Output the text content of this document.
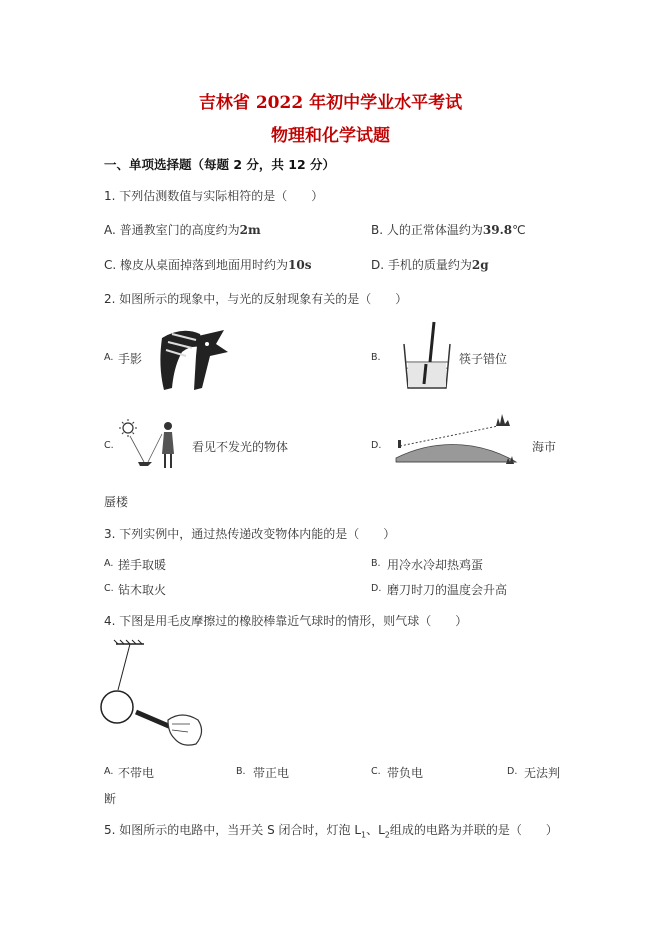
吉林省 2022 年初中学业水平考试
物理和化学试题
一、单项选择题（每题 2 分，共 12 分）
1. 下列估测数值与实际相符的是（　　）
A. 普通教室门的高度约为2m	B. 人的正常体温约为39.8℃
C. 橡皮从桌面掉落到地面用时约为10s	D. 手机的质量约为2g
2. 如图所示的现象中，与光的反射现象有关的是（　　）
A. 手影	B.	筷子错位
C.	看见不发光的物体	D.	海市
蜃楼
3. 下列实例中，通过热传递改变物体内能的是（　　）
A. 搓手取暖	B. 用冷水冷却热鸡蛋
C. 钻木取火	D. 磨刀时刀的温度会升高
4. 下图是用毛皮摩擦过的橡胶棒靠近气球时的情形，则气球（　　）
A. 不带电	B. 带正电	C. 带负电	D. 无法判
断
5. 如图所示的电路中，当开关 S 闭合时，灯泡 $L_1$、$L_2$组成的电路为并联的是（　　）
